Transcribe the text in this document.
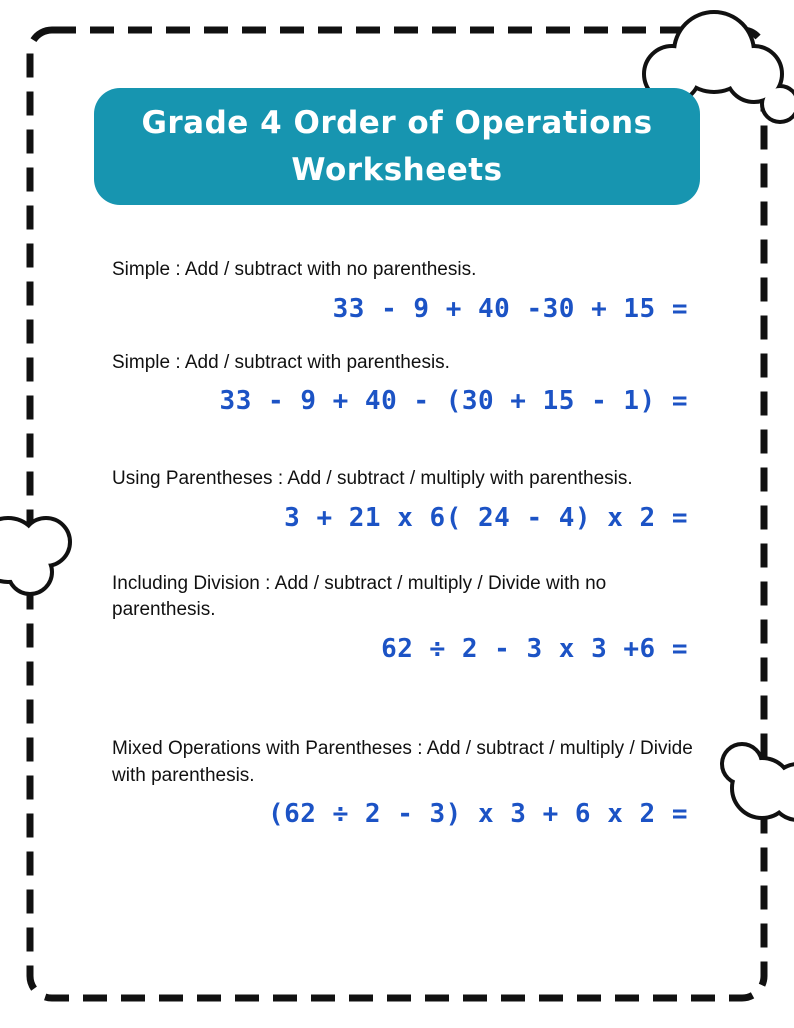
Grade 4 Order of Operations Worksheets
Simple : Add / subtract with no parenthesis.
33 - 9 + 40 -30 + 15 =
Simple : Add / subtract with parenthesis.
33 - 9 + 40 - (30 + 15 - 1) =
Using Parentheses : Add / subtract / multiply with parenthesis.
3 + 21 x 6( 24 - 4) x 2 =
Including Division : Add / subtract / multiply / Divide with no parenthesis.
62 ÷ 2 - 3 x 3 +6 =
Mixed Operations with Parentheses : Add / subtract / multiply / Divide with parenthesis.
(62 ÷ 2 - 3) x 3 + 6 x 2 =
